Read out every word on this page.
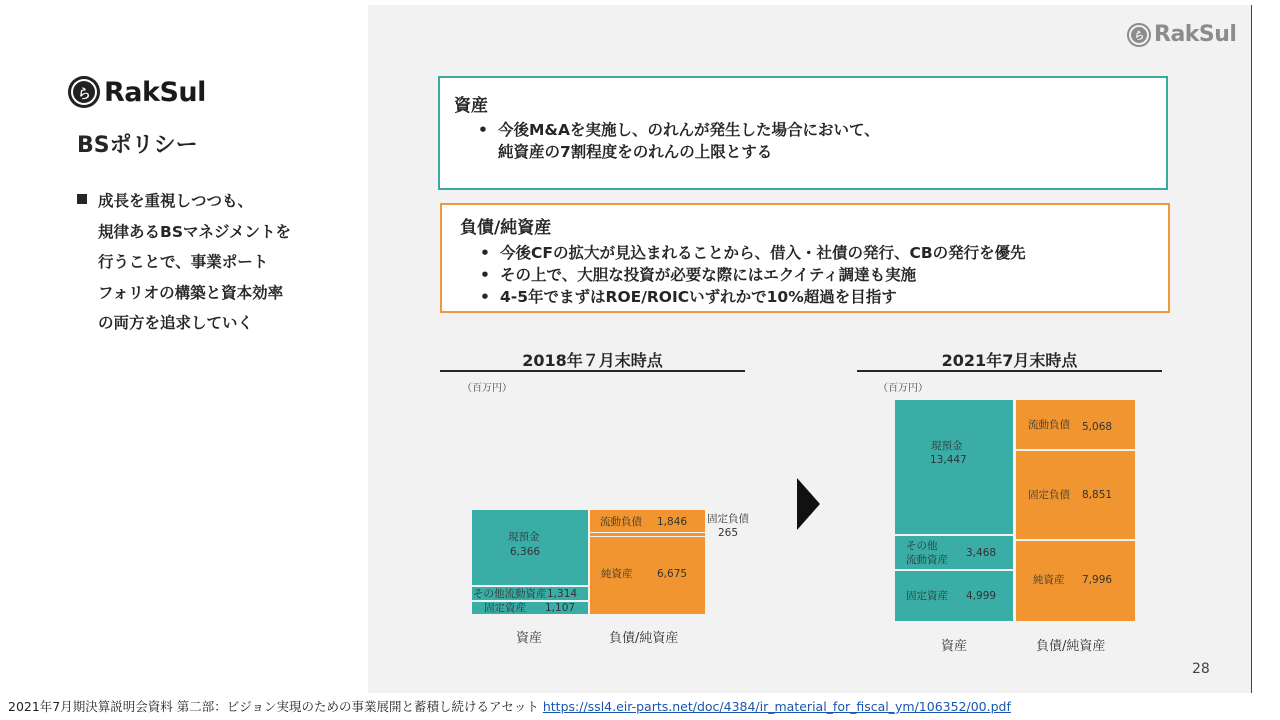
ら RakSul
ら RakSul
BSポリシー
成長を重視しつつも、
規律あるBSマネジメントを
行うことで、事業ポート
フォリオの構築と資本効率
の両方を追求していく
資産
• 今後M&Aを実施し、のれんが発生した場合において、
純資産の7割程度をのれんの上限とする
負債/純資産
• 今後CFの拡大が見込まれることから、借入・社債の発行、CBの発行を優先
• その上で、大胆な投資が必要な際にはエクイティ調達も実施
• 4-5年でまずはROE/ROICいずれかで10%超過を目指す
2018年７月末時点
（百万円）
現預金
6,366
その他流動資産 1,314
固定資産 1,107
流動負債 1,846 固定負債
265
純資産 6,675
資産	負債/純資産
2021年7月末時点
（百万円）
現預金
13,447
その他
流動資産
3,468
固定資産 4,999
流動負債 5,068
固定負債 8,851
純資産 7,996
資産	負債/純資産
28
2021年7月期決算説明会資料 第二部：ビジョン実現のための事業展開と蓄積し続けるアセット https://ssl4.eir-parts.net/doc/4384/ir_material_for_fiscal_ym/106352/00.pdf
